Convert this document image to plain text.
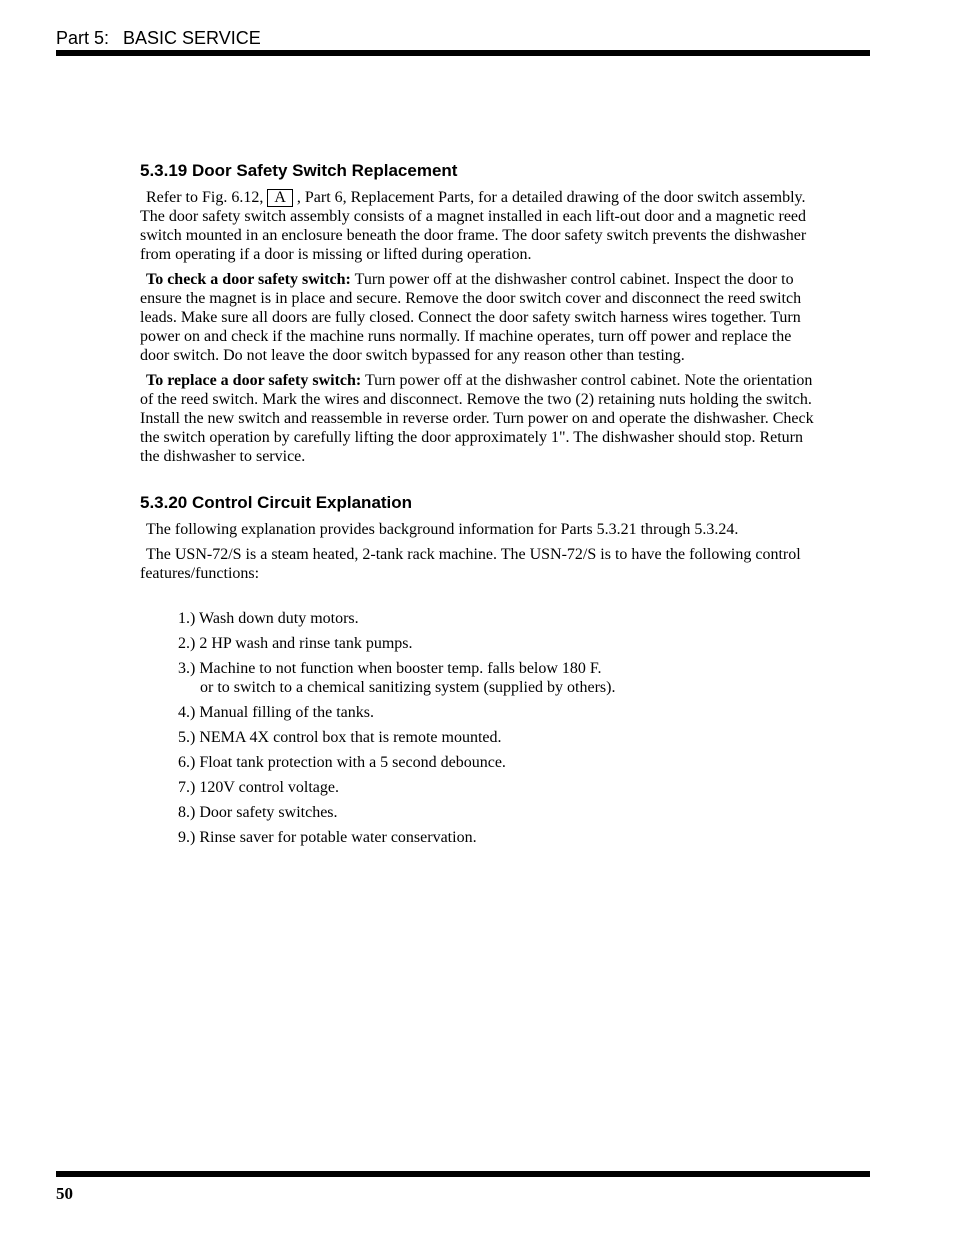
Part 5: BASIC SERVICE
5.3.19 Door Safety Switch Replacement

Refer to Fig. 6.12, A , Part 6, Replacement Parts, for a detailed drawing of the door switch assembly. The door safety switch assembly consists of a magnet installed in each lift-out door and a magnetic reed switch mounted in an enclosure beneath the door frame. The door safety switch prevents the dishwasher from operating if a door is missing or lifted during operation.

To check a door safety switch: Turn power off at the dishwasher control cabinet. Inspect the door to ensure the magnet is in place and secure. Remove the door switch cover and disconnect the reed switch leads. Make sure all doors are fully closed. Connect the door safety switch harness wires together. Turn power on and check if the machine runs normally. If machine operates, turn off power and replace the door switch. Do not leave the door switch bypassed for any reason other than testing.

To replace a door safety switch: Turn power off at the dishwasher control cabinet. Note the orientation of the reed switch. Mark the wires and disconnect. Remove the two (2) retaining nuts holding the switch. Install the new switch and reassemble in reverse order. Turn power on and operate the dishwasher. Check the switch operation by carefully lifting the door approximately 1". The dishwasher should stop. Return the dishwasher to service.

5.3.20 Control Circuit Explanation

The following explanation provides background information for Parts 5.3.21 through 5.3.24.

The USN-72/S is a steam heated, 2-tank rack machine. The USN-72/S is to have the following control features/functions:

1.) Wash down duty motors.
2.) 2 HP wash and rinse tank pumps.
3.) Machine to not function when booster temp. falls below 180 F.
or to switch to a chemical sanitizing system (supplied by others).
4.) Manual filling of the tanks.
5.) NEMA 4X control box that is remote mounted.
6.) Float tank protection with a 5 second debounce.
7.) 120V control voltage.
8.) Door safety switches.
9.) Rinse saver for potable water conservation.
50
